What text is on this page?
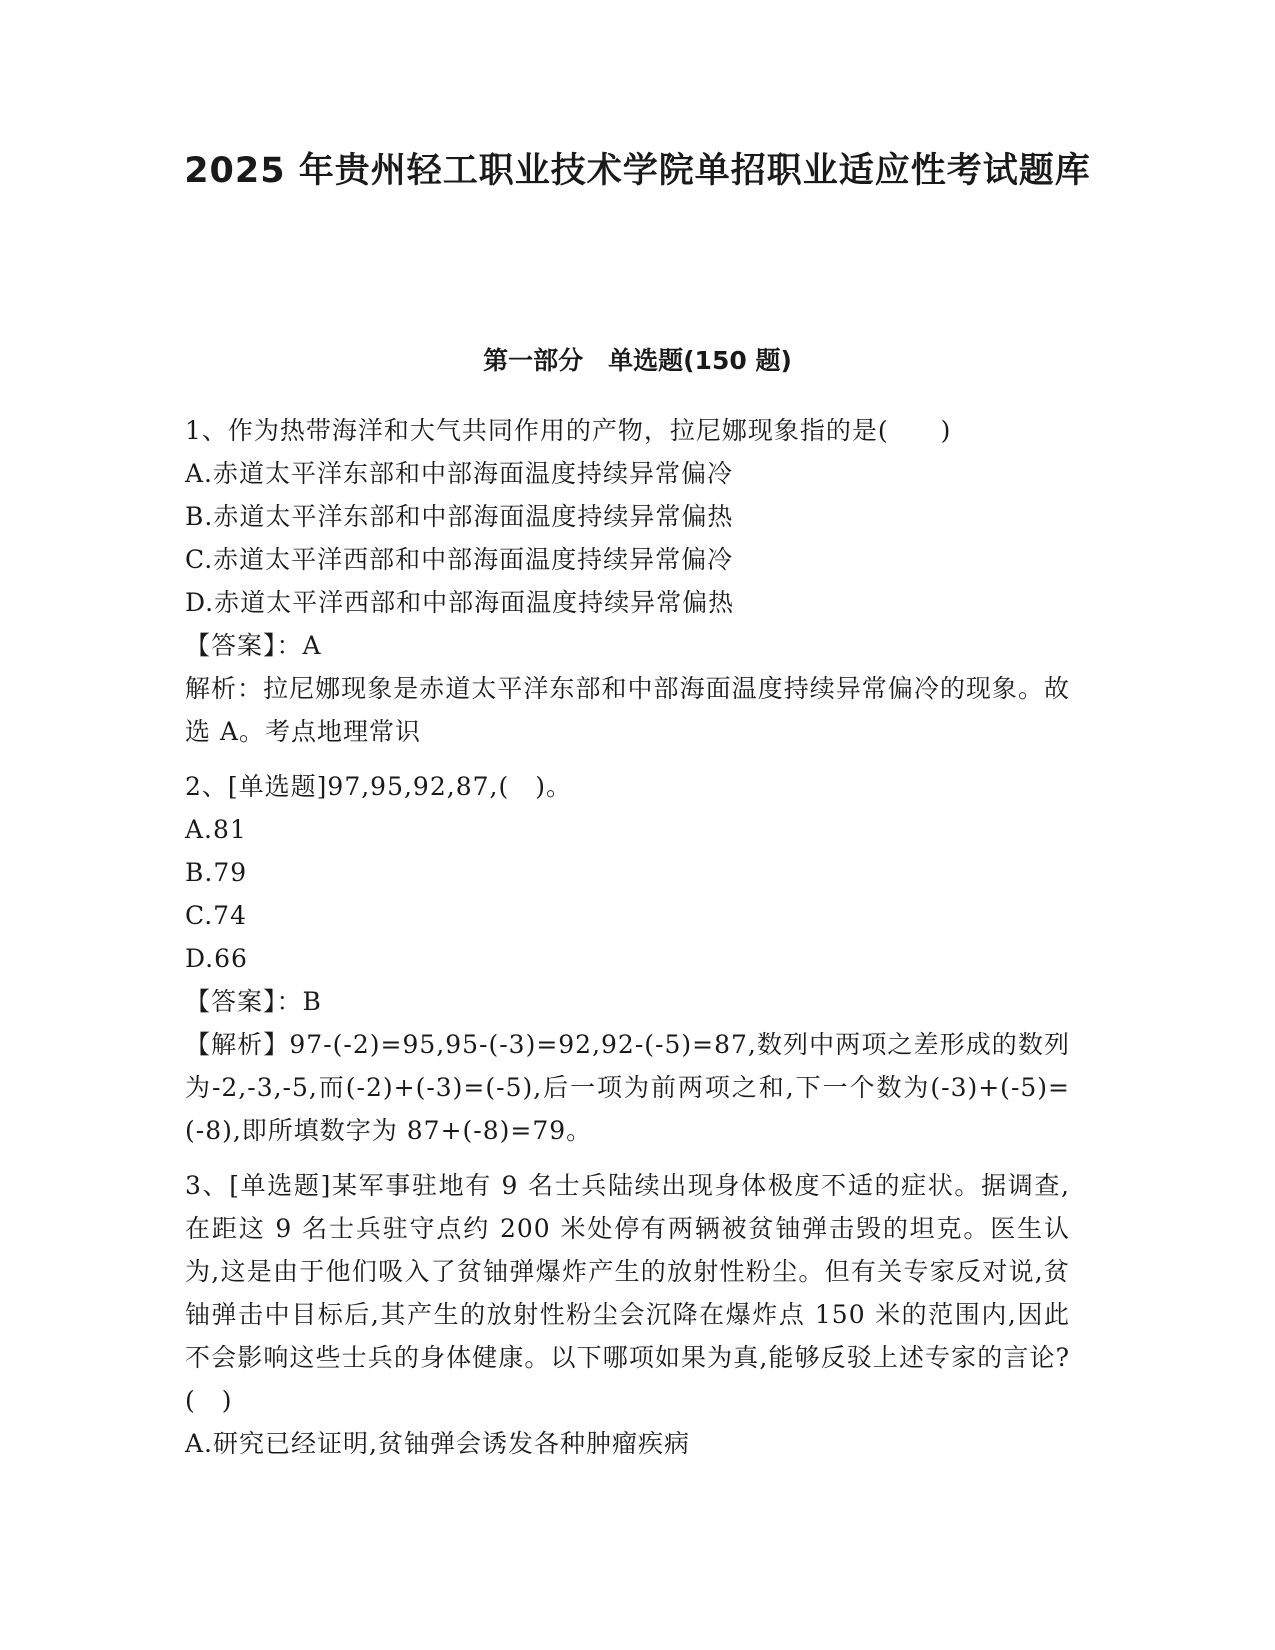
2025 年贵州轻工职业技术学院单招职业适应性考试题库
第一部分　单选题(150 题)
1、作为热带海洋和大气共同作用的产物，拉尼娜现象指的是(　　)
A.赤道太平洋东部和中部海面温度持续异常偏冷
B.赤道太平洋东部和中部海面温度持续异常偏热
C.赤道太平洋西部和中部海面温度持续异常偏冷
D.赤道太平洋西部和中部海面温度持续异常偏热
【答案】：A
解析：拉尼娜现象是赤道太平洋东部和中部海面温度持续异常偏冷的现象。故选 A。考点地理常识
2、[单选题]97,95,92,87,(　)。
A.81
B.79
C.74
D.66
【答案】：B
【解析】97-(-2)=95,95-(-3)=92,92-(-5)=87,数列中两项之差形成的数列为-2,-3,-5,而(-2)+(-3)=(-5),后一项为前两项之和,下一个数为(-3)+(-5)=(-8),即所填数字为 87+(-8)=79。
3、[单选题]某军事驻地有 9 名士兵陆续出现身体极度不适的症状。据调查,在距这 9 名士兵驻守点约 200 米处停有两辆被贫铀弹击毁的坦克。医生认为,这是由于他们吸入了贫铀弹爆炸产生的放射性粉尘。但有关专家反对说,贫铀弹击中目标后,其产生的放射性粉尘会沉降在爆炸点 150 米的范围内,因此不会影响这些士兵的身体健康。以下哪项如果为真,能够反驳上述专家的言论?(　)
A.研究已经证明,贫铀弹会诱发各种肿瘤疾病
